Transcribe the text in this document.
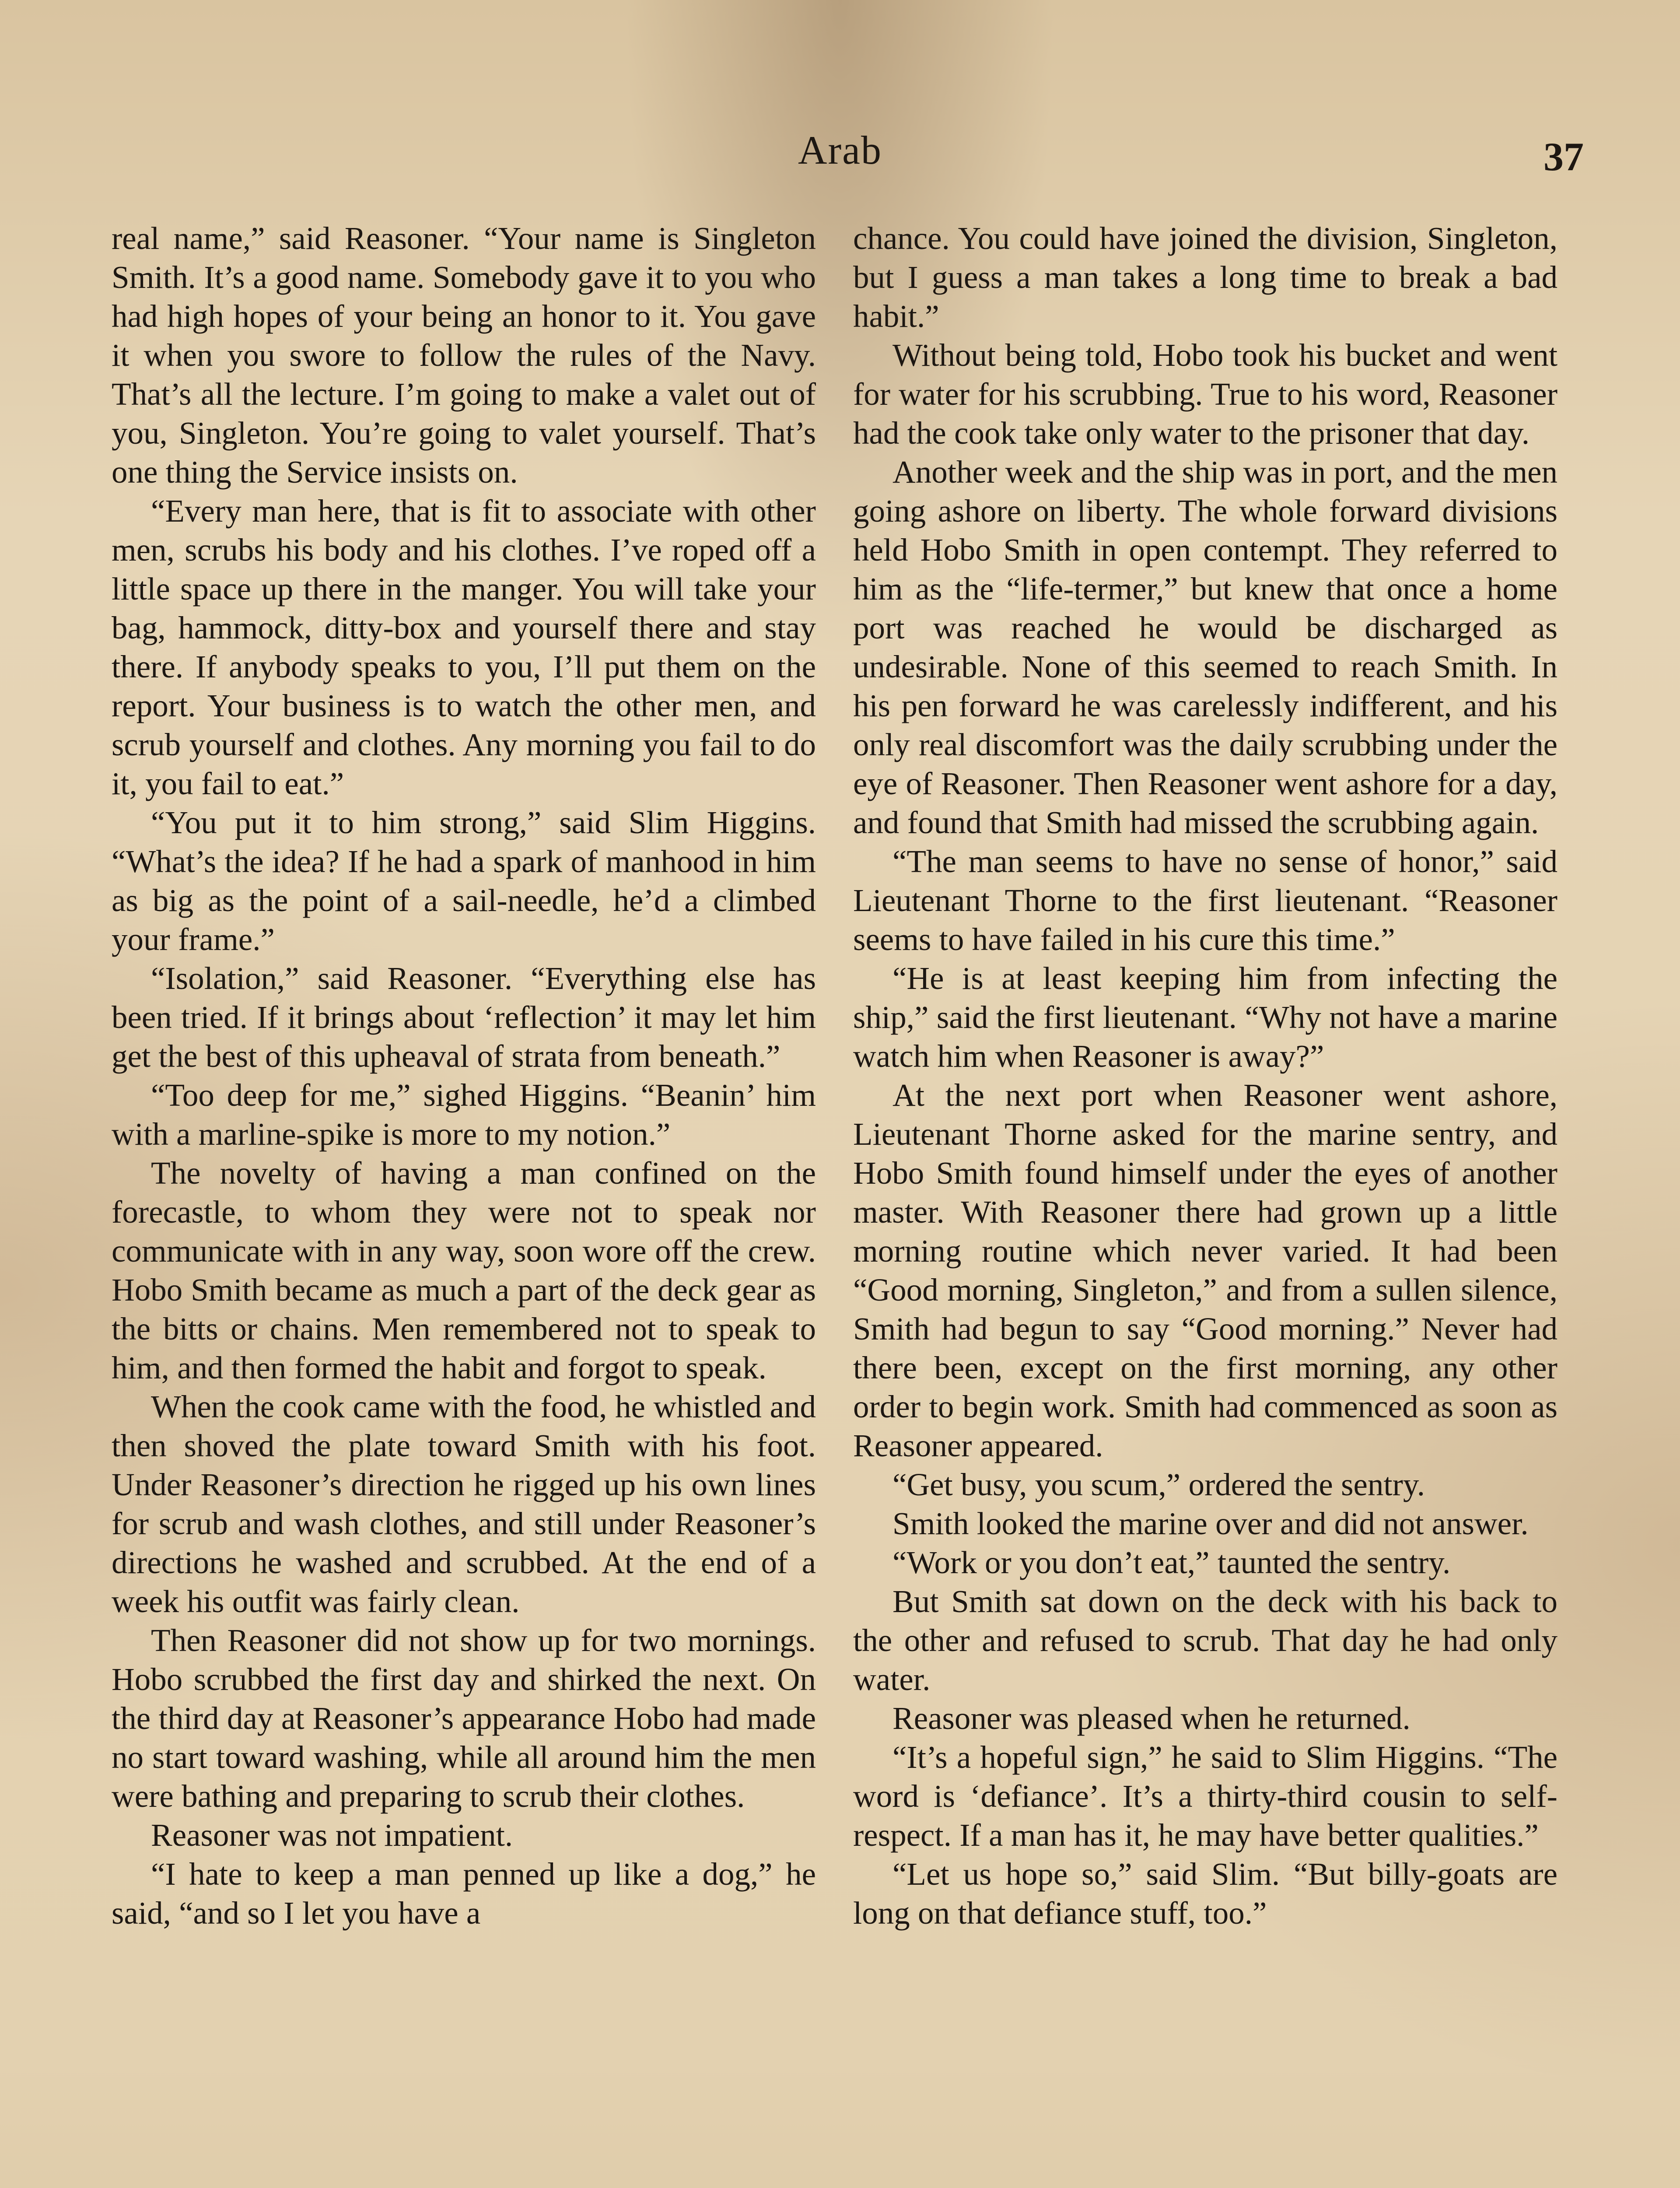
Arab	37

real name,” said Reasoner. “Your name is Singleton Smith. It’s a good name. Somebody gave it to you who had high hopes of your being an honor to it. You gave it when you swore to follow the rules of the Navy. That’s all the lecture. I’m going to make a valet out of you, Singleton. You’re going to valet yourself. That’s one thing the Service insists on.

“Every man here, that is fit to associate with other men, scrubs his body and his clothes. I’ve roped off a little space up there in the manger. You will take your bag, hammock, ditty-box and yourself there and stay there. If anybody speaks to you, I’ll put them on the report. Your business is to watch the other men, and scrub yourself and clothes. Any morning you fail to do it, you fail to eat.”

“You put it to him strong,” said Slim Higgins. “What’s the idea? If he had a spark of manhood in him as big as the point of a sail-needle, he’d a climbed your frame.”

“Isolation,” said Reasoner. “Everything else has been tried. If it brings about ‘reflection’ it may let him get the best of this upheaval of strata from beneath.”

“Too deep for me,” sighed Higgins. “Beanin’ him with a marline-spike is more to my notion.”

The novelty of having a man confined on the forecastle, to whom they were not to speak nor communicate with in any way, soon wore off the crew. Hobo Smith became as much a part of the deck gear as the bitts or chains. Men remembered not to speak to him, and then formed the habit and forgot to speak.

When the cook came with the food, he whistled and then shoved the plate toward Smith with his foot. Under Reasoner’s direction he rigged up his own lines for scrub and wash clothes, and still under Reasoner’s directions he washed and scrubbed. At the end of a week his outfit was fairly clean.

Then Reasoner did not show up for two mornings. Hobo scrubbed the first day and shirked the next. On the third day at Reasoner’s appearance Hobo had made no start toward washing, while all around him the men were bathing and preparing to scrub their clothes.

Reasoner was not impatient.

“I hate to keep a man penned up like a dog,” he said, “and so I let you have a

chance. You could have joined the division, Singleton, but I guess a man takes a long time to break a bad habit.”

Without being told, Hobo took his bucket and went for water for his scrubbing. True to his word, Reasoner had the cook take only water to the prisoner that day.

Another week and the ship was in port, and the men going ashore on liberty. The whole forward divisions held Hobo Smith in open contempt. They referred to him as the “life-termer,” but knew that once a home port was reached he would be discharged as undesirable. None of this seemed to reach Smith. In his pen forward he was carelessly indifferent, and his only real discomfort was the daily scrubbing under the eye of Reasoner. Then Reasoner went ashore for a day, and found that Smith had missed the scrubbing again.

“The man seems to have no sense of honor,” said Lieutenant Thorne to the first lieutenant. “Reasoner seems to have failed in his cure this time.”

“He is at least keeping him from infecting the ship,” said the first lieutenant. “Why not have a marine watch him when Reasoner is away?”

At the next port when Reasoner went ashore, Lieutenant Thorne asked for the marine sentry, and Hobo Smith found himself under the eyes of another master. With Reasoner there had grown up a little morning routine which never varied. It had been “Good morning, Singleton,” and from a sullen silence, Smith had begun to say “Good morning.” Never had there been, except on the first morning, any other order to begin work. Smith had commenced as soon as Reasoner appeared.

“Get busy, you scum,” ordered the sentry.

Smith looked the marine over and did not answer.

“Work or you don’t eat,” taunted the sentry.

But Smith sat down on the deck with his back to the other and refused to scrub. That day he had only water.

Reasoner was pleased when he returned.

“It’s a hopeful sign,” he said to Slim Higgins. “The word is ‘defiance’. It’s a thirty-third cousin to self-respect. If a man has it, he may have better qualities.”

“Let us hope so,” said Slim. “But billy-goats are long on that defiance stuff, too.”
